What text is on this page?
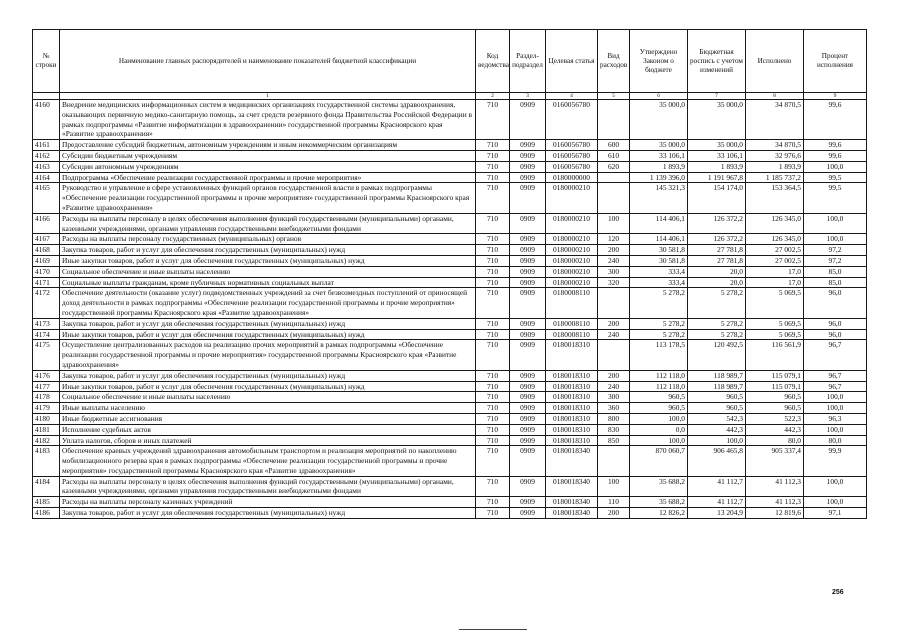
№ строки	Наименование главных распорядителей и наименование показателей бюджетной классификации	Код ведомства	Раздел-подраздел	Целевая статья	Вид расходов	Утверждено Законом о бюджете	Бюджетная роспись с учетом изменений	Исполнено	Процент исполнения
	1	2	3	4	5	6	7	8	9
4160	Внедрение медицинских информационных систем в медицинских организациях государственной системы здравоохранения, оказывающих первичную медико-санитарную помощь, за счет средств резервного фонда Правительства Российской Федерации в рамках подпрограммы «Развитие информатизации в здравоохранении» государственной программы Красноярского края «Развитие здравоохранения»	710	0909	0160056780		35 000,0	35 000,0	34 870,5	99,6
4161	Предоставление субсидий бюджетным, автономным учреждениям и иным некоммерческим организациям	710	0909	0160056780	600	35 000,0	35 000,0	34 870,5	99,6
4162	Субсидии бюджетным учреждениям	710	0909	0160056780	610	33 106,1	33 106,1	32 976,6	99,6
4163	Субсидии автономным учреждениям	710	0909	0160056780	620	1 893,9	1 893,9	1 893,9	100,0
4164	Подпрограмма «Обеспечение реализации государственной программы и прочие мероприятия»	710	0909	0180000000		1 139 396,0	1 191 967,8	1 185 737,2	99,5
4165	Руководство и управление в сфере установленных функций органов государственной власти в рамках подпрограммы «Обеспечение реализации государственной программы и прочие мероприятия» государственной программы Красноярского края «Развитие здравоохранения»	710	0909	0180000210		145 321,3	154 174,0	153 364,5	99,5
4166	Расходы на выплаты персоналу в целях обеспечения выполнения функций государственными (муниципальными) органами, казенными учреждениями, органами управления государственными внебюджетными фондами	710	0909	0180000210	100	114 406,1	126 372,2	126 345,0	100,0
4167	Расходы на выплаты персоналу государственных (муниципальных) органов	710	0909	0180000210	120	114 406,1	126 372,2	126 345,0	100,0
4168	Закупка товаров, работ и услуг для обеспечения государственных (муниципальных) нужд	710	0909	0180000210	200	30 581,8	27 781,8	27 002,5	97,2
4169	Иные закупки товаров, работ и услуг для обеспечения государственных (муниципальных) нужд	710	0909	0180000210	240	30 581,8	27 781,8	27 002,5	97,2
4170	Социальное обеспечение и иные выплаты населению	710	0909	0180000210	300	333,4	20,0	17,0	85,0
4171	Социальные выплаты гражданам, кроме публичных нормативных социальных выплат	710	0909	0180000210	320	333,4	20,0	17,0	85,0
4172	Обеспечение деятельности (оказание услуг) подведомственных учреждений за счет безвозмездных поступлений от приносящей доход деятельности в рамках подпрограммы «Обеспечение реализации государственной программы и прочие мероприятия» государственной программы Красноярского края «Развитие здравоохранения»	710	0909	0180008110		5 278,2	5 278,2	5 069,5	96,0
4173	Закупка товаров, работ и услуг для обеспечения государственных (муниципальных) нужд	710	0909	0180008110	200	5 278,2	5 278,2	5 069,5	96,0
4174	Иные закупки товаров, работ и услуг для обеспечения государственных (муниципальных) нужд	710	0909	0180008110	240	5 278,2	5 278,2	5 069,5	96,0
4175	Осуществление централизованных расходов на реализацию прочих мероприятий в рамках подпрограммы «Обеспечение реализации государственной программы и прочие мероприятия» государственной программы Красноярского края «Развитие здравоохранения»	710	0909	0180018310		113 178,5	120 492,5	116 561,9	96,7
4176	Закупка товаров, работ и услуг для обеспечения государственных (муниципальных) нужд	710	0909	0180018310	200	112 118,0	118 989,7	115 079,1	96,7
4177	Иные закупки товаров, работ и услуг для обеспечения государственных (муниципальных) нужд	710	0909	0180018310	240	112 118,0	118 989,7	115 079,1	96,7
4178	Социальное обеспечение и иные выплаты населению	710	0909	0180018310	300	960,5	960,5	960,5	100,0
4179	Иные выплаты населению	710	0909	0180018310	360	960,5	960,5	960,5	100,0
4180	Иные бюджетные ассигнования	710	0909	0180018310	800	100,0	542,3	522,3	96,3
4181	Исполнение судебных актов	710	0909	0180018310	830	0,0	442,3	442,3	100,0
4182	Уплата налогов, сборов и иных платежей	710	0909	0180018310	850	100,0	100,0	80,0	80,0
4183	Обеспечение краевых учреждений здравоохранения автомобильным транспортом и реализация мероприятий по накоплению мобилизационного резерва края в рамках подпрограммы «Обеспечение реализации государственной программы и прочие мероприятия» государственной программы Красноярского края «Развитие здравоохранения»	710	0909	0180018340		870 060,7	906 465,8	905 337,4	99,9
4184	Расходы на выплаты персоналу в целях обеспечения выполнения функций государственными (муниципальными) органами, казенными учреждениями, органами управления государственными внебюджетными фондами	710	0909	0180018340	100	35 688,2	41 112,7	41 112,3	100,0
4185	Расходы на выплаты персоналу казенных учреждений	710	0909	0180018340	110	35 688,2	41 112,7	41 112,3	100,0
4186	Закупка товаров, работ и услуг для обеспечения государственных (муниципальных) нужд	710	0909	0180018340	200	12 826,2	13 204,9	12 819,6	97,1
256
